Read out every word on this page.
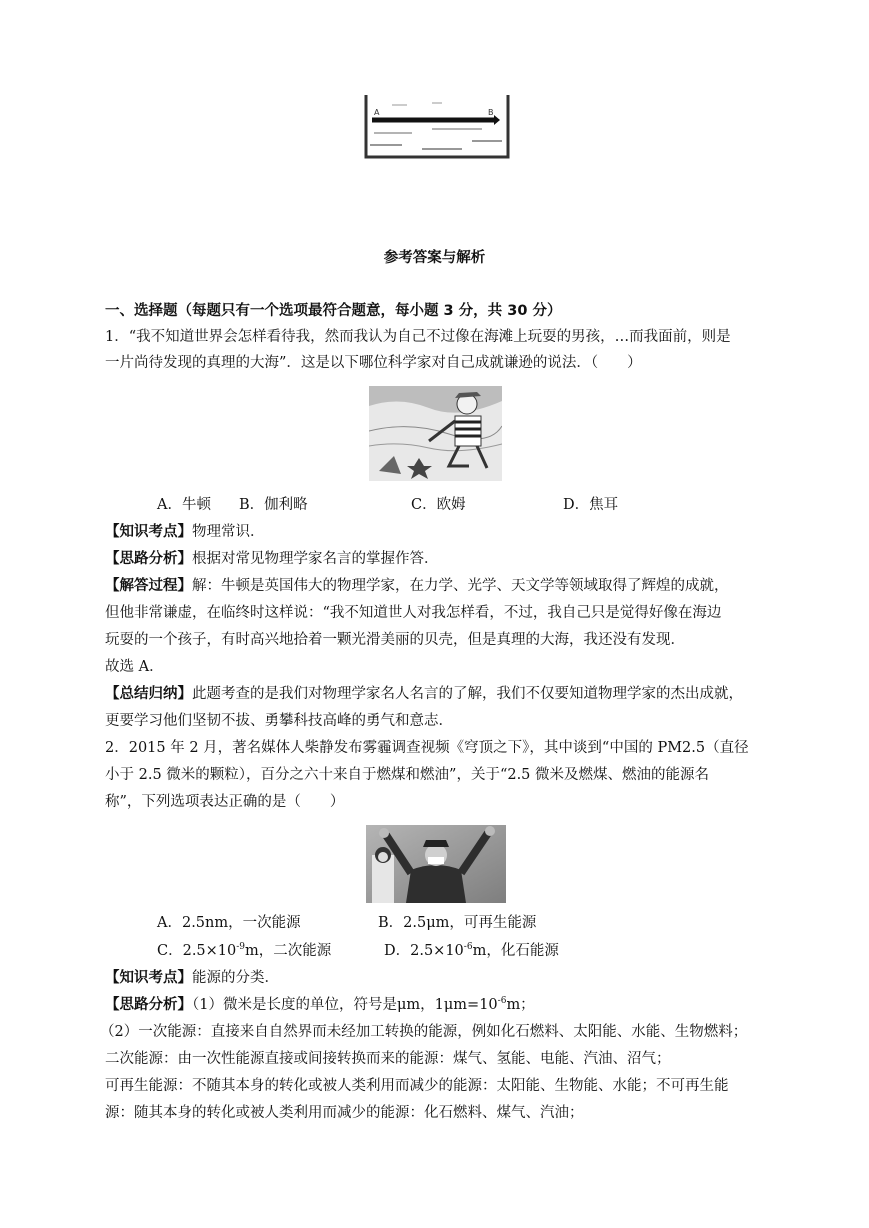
A	B
参考答案与解析
一、选择题（每题只有一个选项最符合题意，每小题 3 分，共 30 分）
1．“我不知道世界会怎样看待我，然而我认为自己不过像在海滩上玩耍的男孩，…而我面前，则是
一片尚待发现的真理的大海”．这是以下哪位科学家对自己成就谦逊的说法．（　　）
A．牛顿 B．伽利略	C．欧姆	D．焦耳
【知识考点】物理常识．
【思路分析】根据对常见物理学家名言的掌握作答．
【解答过程】解：牛顿是英国伟大的物理学家，在力学、光学、天文学等领域取得了辉煌的成就，
但他非常谦虚，在临终时这样说：“我不知道世人对我怎样看，不过，我自己只是觉得好像在海边
玩耍的一个孩子，有时高兴地拾着一颗光滑美丽的贝壳，但是真理的大海，我还没有发现．
故选 A．
【总结归纳】此题考查的是我们对物理学家名人名言的了解，我们不仅要知道物理学家的杰出成就，
更要学习他们坚韧不拔、勇攀科技高峰的勇气和意志．
2．2015 年 2 月，著名媒体人柴静发布雾霾调查视频《穹顶之下》，其中谈到“中国的 PM2.5（直径
小于 2.5 微米的颗粒），百分之六十来自于燃煤和燃油”，关于“2.5 微米及燃煤、燃油的能源名
称”，下列选项表达正确的是（　　）
A．2.5nm，一次能源	B．2.5μm，可再生能源
C．$2.5\times 10^{-9}m$，二次能源	D．$2.5\times 10^{-6}m$，化石能源
【知识考点】能源的分类．
【思路分析】（1）微米是长度的单位，符号是μm，$1\mu m=10^{-6}m$；
（2）一次能源：直接来自自然界而未经加工转换的能源，例如化石燃料、太阳能、水能、生物燃料；
二次能源：由一次性能源直接或间接转换而来的能源：煤气、氢能、电能、汽油、沼气；
可再生能源：不随其本身的转化或被人类利用而减少的能源：太阳能、生物能、水能；不可再生能
源：随其本身的转化或被人类利用而减少的能源：化石燃料、煤气、汽油；
